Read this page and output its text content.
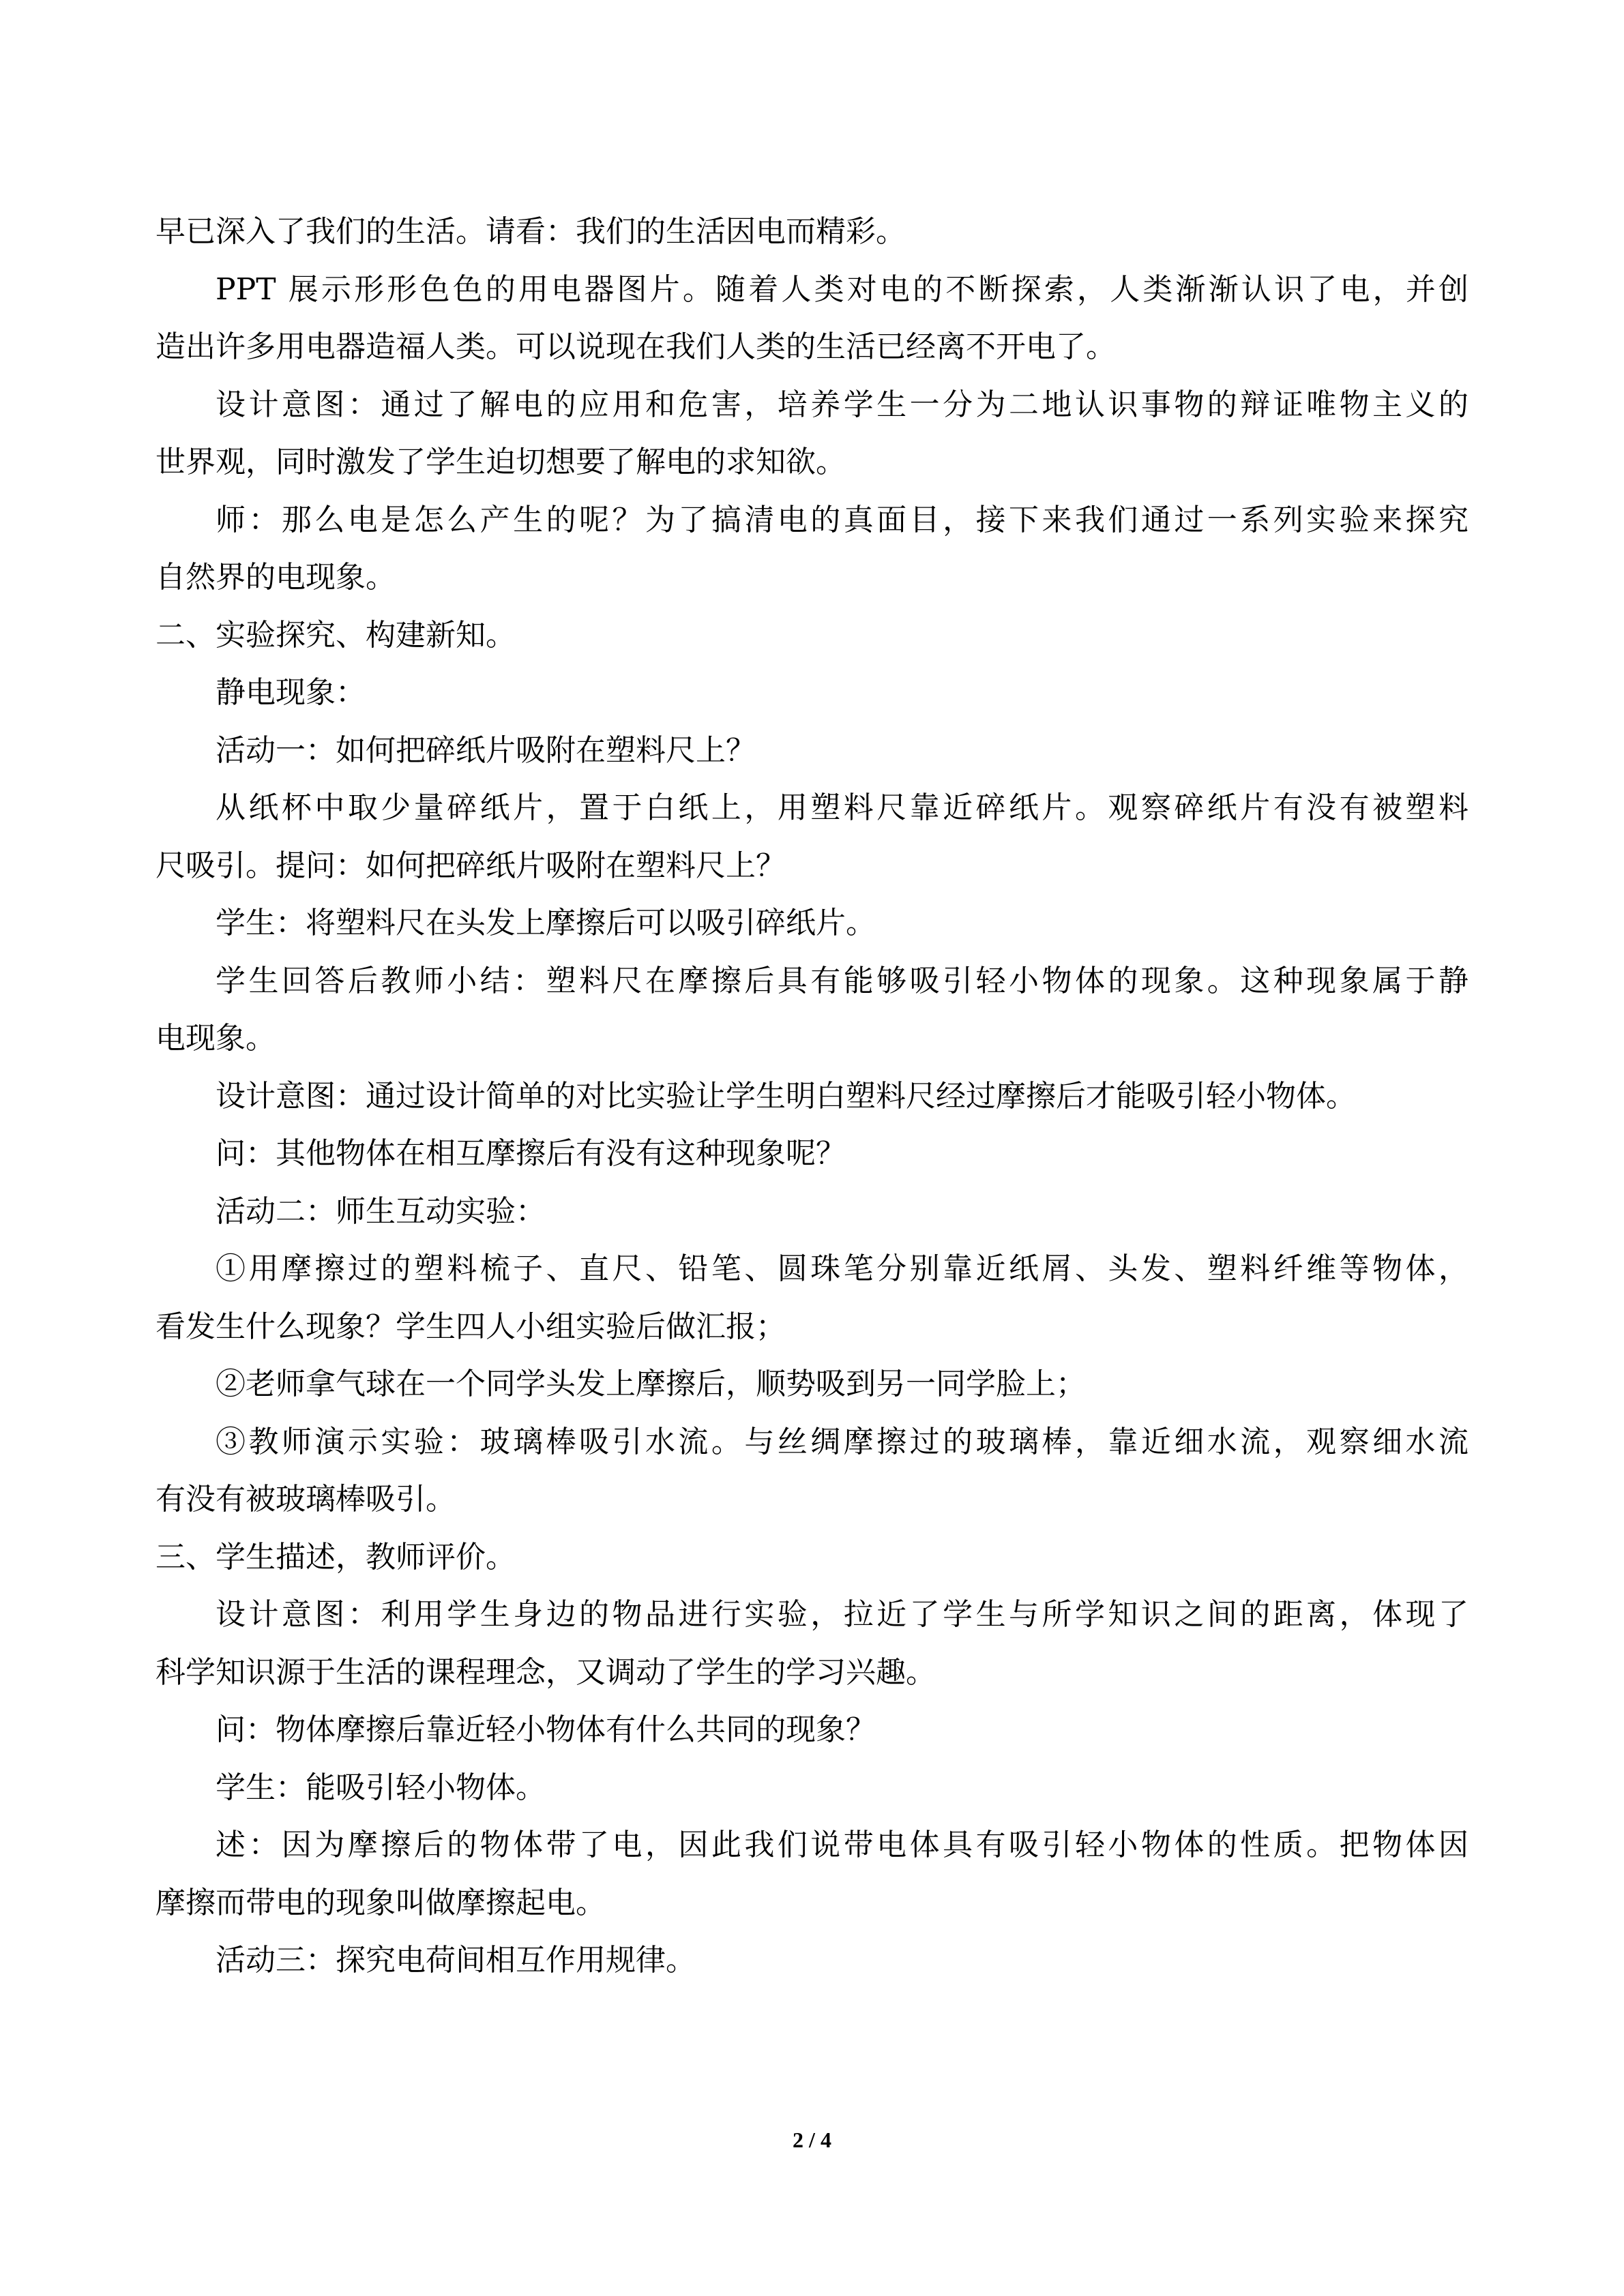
早已深入了我们的生活。请看：我们的生活因电而精彩。
PPT 展示形形色色的用电器图片。随着人类对电的不断探索，人类渐渐认识了电，并创
造出许多用电器造福人类。可以说现在我们人类的生活已经离不开电了。
设计意图：通过了解电的应用和危害，培养学生一分为二地认识事物的辩证唯物主义的
世界观，同时激发了学生迫切想要了解电的求知欲。
师：那么电是怎么产生的呢？为了搞清电的真面目，接下来我们通过一系列实验来探究
自然界的电现象。
二、实验探究、构建新知。
静电现象：
活动一：如何把碎纸片吸附在塑料尺上？
从纸杯中取少量碎纸片，置于白纸上，用塑料尺靠近碎纸片。观察碎纸片有没有被塑料
尺吸引。提问：如何把碎纸片吸附在塑料尺上？
学生：将塑料尺在头发上摩擦后可以吸引碎纸片。
学生回答后教师小结：塑料尺在摩擦后具有能够吸引轻小物体的现象。这种现象属于静
电现象。
设计意图：通过设计简单的对比实验让学生明白塑料尺经过摩擦后才能吸引轻小物体。
问：其他物体在相互摩擦后有没有这种现象呢？
活动二：师生互动实验：
①用摩擦过的塑料梳子、直尺、铅笔、圆珠笔分别靠近纸屑、头发、塑料纤维等物体，
看发生什么现象？学生四人小组实验后做汇报；
②老师拿气球在一个同学头发上摩擦后，顺势吸到另一同学脸上；
③教师演示实验：玻璃棒吸引水流。与丝绸摩擦过的玻璃棒，靠近细水流，观察细水流
有没有被玻璃棒吸引。
三、学生描述，教师评价。
设计意图：利用学生身边的物品进行实验，拉近了学生与所学知识之间的距离，体现了
科学知识源于生活的课程理念，又调动了学生的学习兴趣。
问：物体摩擦后靠近轻小物体有什么共同的现象？
学生：能吸引轻小物体。
述：因为摩擦后的物体带了电，因此我们说带电体具有吸引轻小物体的性质。把物体因
摩擦而带电的现象叫做摩擦起电。
活动三：探究电荷间相互作用规律。
2 / 4
